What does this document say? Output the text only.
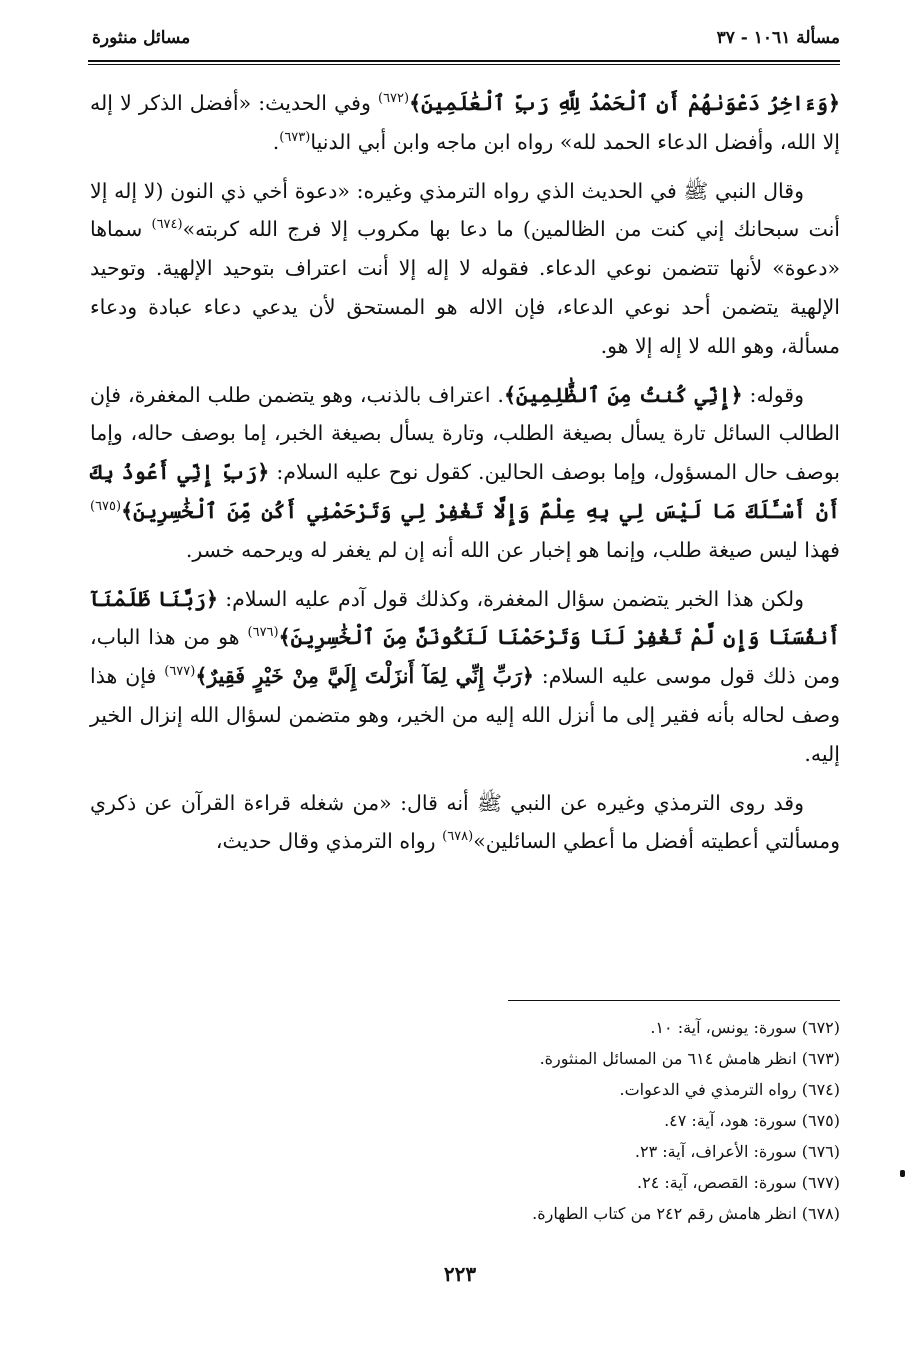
مسألة ١٠٦١ - ٣٧
مسائل منثورة

﴿وَءَاخِرُ دَعْوَىٰهُمْ أَنِ ٱلْحَمْدُ لِلَّهِ رَبِّ ٱلْعَٰلَمِينَ﴾$^{(٦٧٢)}$ وفي الحديث: «أفضل الذكر لا إله إلا الله، وأفضل الدعاء الحمد لله» رواه ابن ماجه وابن أبي الدنيا$^{(٦٧٣)}$.

وقال النبي ﷺ في الحديث الذي رواه الترمذي وغيره: «دعوة أخي ذي النون (لا إله إلا أنت سبحانك إني كنت من الظالمين) ما دعا بها مكروب إلا فرج الله كربته»$^{(٦٧٤)}$ سماها «دعوة» لأنها تتضمن نوعي الدعاء. فقوله لا إله إلا أنت اعتراف بتوحيد الإلهية. وتوحيد الإلهية يتضمن أحد نوعي الدعاء، فإن الاله هو المستحق لأن يدعي دعاء عبادة ودعاء مسألة، وهو الله لا إله إلا هو.

وقوله: ﴿إِنِّي كُنتُ مِنَ ٱلظَّٰلِمِينَ﴾. اعتراف بالذنب، وهو يتضمن طلب المغفرة، فإن الطالب السائل تارة يسأل بصيغة الطلب، وتارة يسأل بصيغة الخبر، إما بوصف حاله، وإما بوصف حال المسؤول، وإما بوصف الحالين. كقول نوح عليه السلام: ﴿رَبِّ إِنِّي أَعُوذُ بِكَ أَنْ أَسْـَٔلَكَ مَا لَيْسَ لِي بِهِ عِلْمٌ وَإِلَّا تَغْفِرْ لِي وَتَرْحَمْنِي أَكُن مِّنَ ٱلْخَٰسِرِينَ﴾$^{(٦٧٥)}$ فهذا ليس صيغة طلب، وإنما هو إخبار عن الله أنه إن لم يغفر له ويرحمه خسر.

ولكن هذا الخبر يتضمن سؤال المغفرة، وكذلك قول آدم عليه السلام: ﴿رَبَّنَا ظَلَمْنَآ أَنفُسَنَا وَإِن لَّمْ تَغْفِرْ لَنَا وَتَرْحَمْنَا لَنَكُونَنَّ مِنَ ٱلْخَٰسِرِينَ﴾$^{(٦٧٦)}$ هو من هذا الباب، ومن ذلك قول موسى عليه السلام: ﴿رَبِّ إِنِّي لِمَآ أَنزَلْتَ إِلَيَّ مِنْ خَيْرٍ فَقِيرٌ﴾$^{(٦٧٧)}$ فإن هذا وصف لحاله بأنه فقير إلى ما أنزل الله إليه من الخير، وهو متضمن لسؤال الله إنزال الخير إليه.

وقد روى الترمذي وغيره عن النبي ﷺ أنه قال: «من شغله قراءة القرآن عن ذكري ومسألتي أعطيته أفضل ما أعطي السائلين»$^{(٦٧٨)}$ رواه الترمذي وقال حديث،

(٦٧٢) سورة: يونس، آية: ١٠.
(٦٧٣) انظر هامش ٦١٤ من المسائل المنثورة.
(٦٧٤) رواه الترمذي في الدعوات.
(٦٧٥) سورة: هود، آية: ٤٧.
(٦٧٦) سورة: الأعراف، آية: ٢٣.
(٦٧٧) سورة: القصص، آية: ٢٤.
(٦٧٨) انظر هامش رقم ٢٤٢ من كتاب الطهارة.
٢٢٣
